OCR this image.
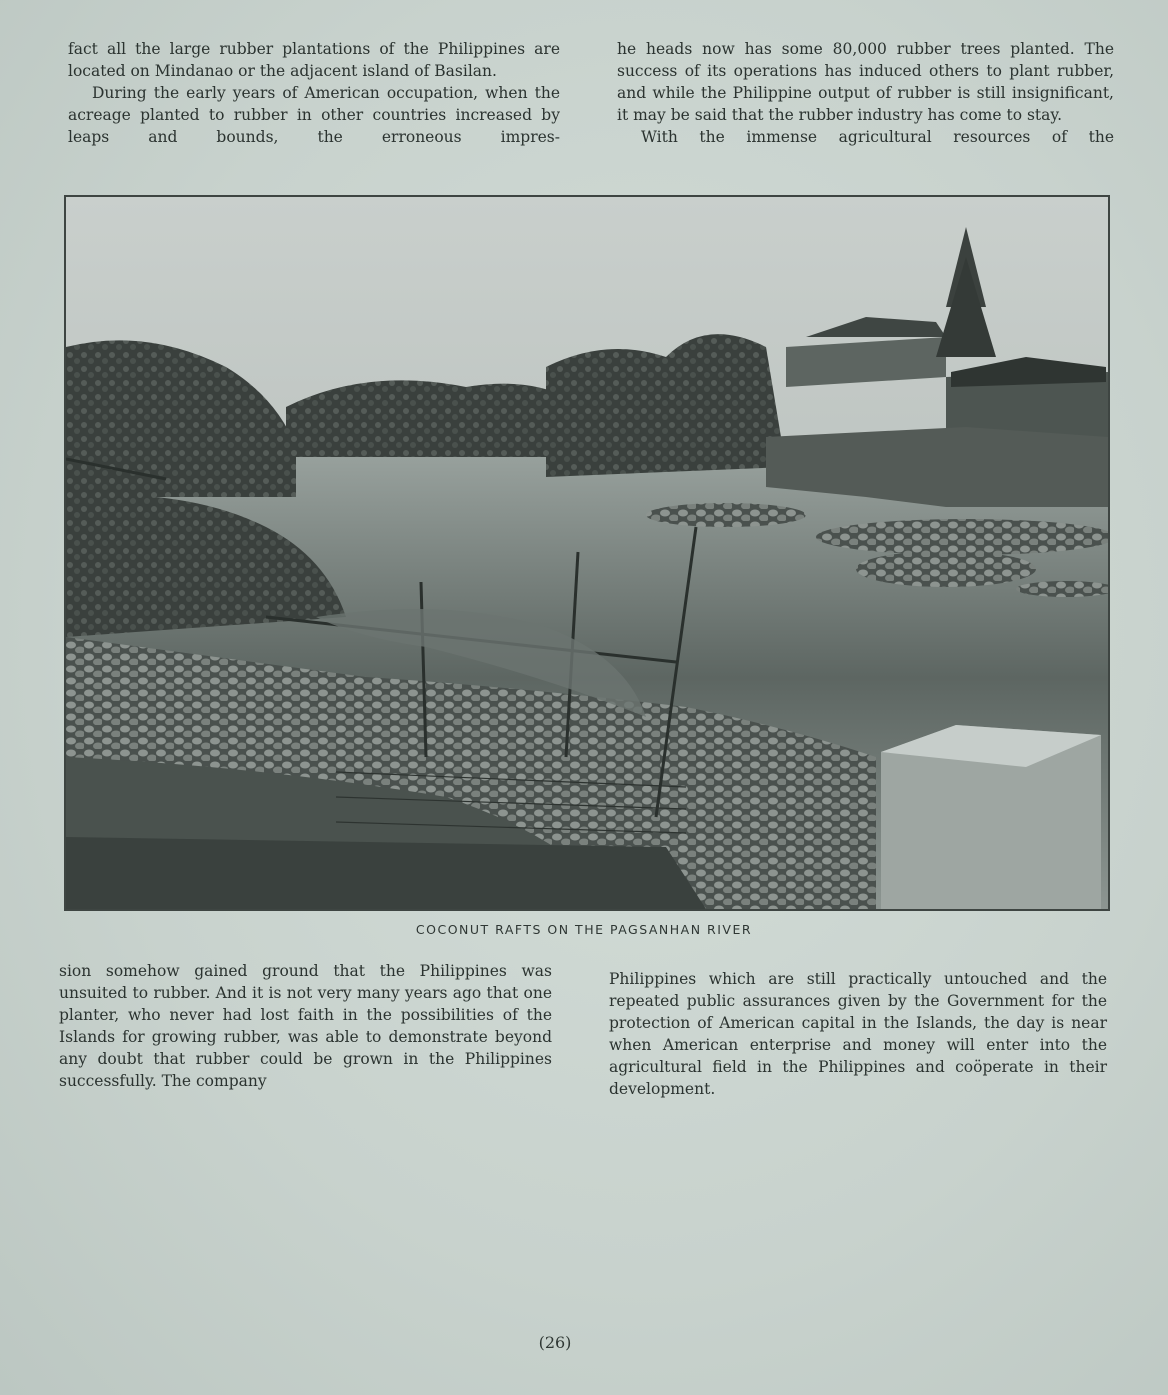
fact all the large rubber plantations of the Philippines are located on Mindanao or the adjacent island of Basilan.

During the early years of American occupation, when the acreage planted to rubber in other countries increased by leaps and bounds, the erroneous impres-

he heads now has some 80,000 rubber trees planted. The success of its operations has induced others to plant rubber, and while the Philippine output of rubber is still insignificant, it may be said that the rubber industry has come to stay.

With the immense agricultural resources of the

COCONUT RAFTS ON THE PAGSANHAN RIVER

sion somehow gained ground that the Philippines was unsuited to rubber. And it is not very many years ago that one planter, who never had lost faith in the possibilities of the Islands for growing rubber, was able to demonstrate beyond any doubt that rubber could be grown in the Philippines successfully. The company

Philippines which are still practically untouched and the repeated public assurances given by the Government for the protection of American capital in the Islands, the day is near when American enterprise and money will enter into the agricultural field in the Philippines and coöperate in their development.

(26)
